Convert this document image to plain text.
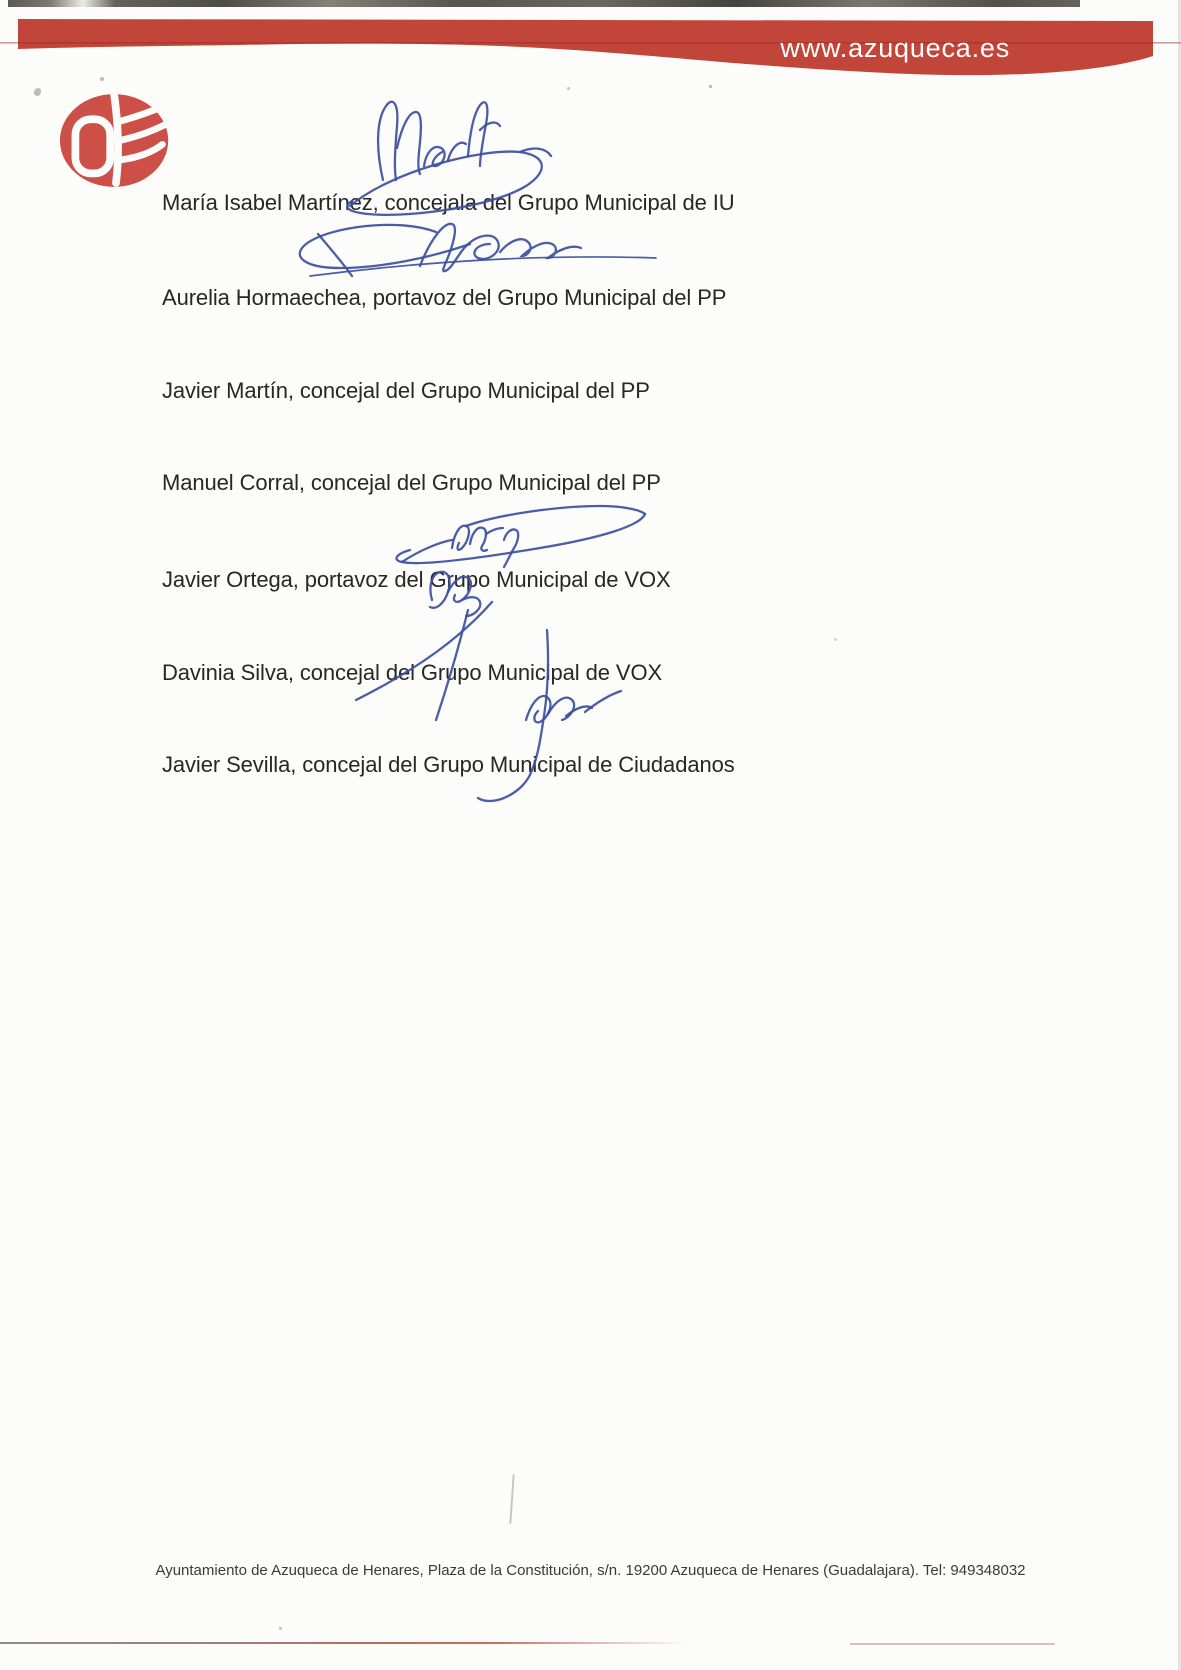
www.azuqueca.es
María Isabel Martínez, concejala del Grupo Municipal de IU
Aurelia Hormaechea, portavoz del Grupo Municipal del PP
Javier Martín, concejal del Grupo Municipal del PP
Manuel Corral, concejal del Grupo Municipal del PP
Javier Ortega, portavoz del Grupo Municipal de VOX
Davinia Silva, concejal del Grupo Municipal de VOX
Javier Sevilla, concejal del Grupo Municipal de Ciudadanos
Ayuntamiento de Azuqueca de Henares, Plaza de la Constitución, s/n. 19200 Azuqueca de Henares (Guadalajara). Tel: 949348032
